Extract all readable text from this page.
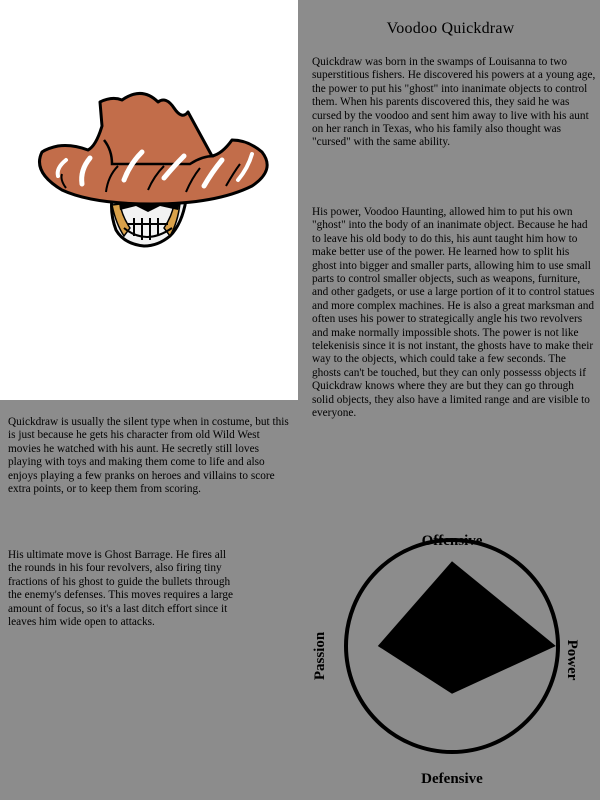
Voodoo Quickdraw

Quickdraw was born in the swamps of Louisanna to two superstitious fishers. He discovered his powers at a young age, the power to put his "ghost" into inanimate objects to control them. When his parents discovered this, they said he was cursed by the voodoo and sent him away to live with his aunt on her ranch in Texas, who his family also thought was "cursed" with the same ability.

His power, Voodoo Haunting, allowed him to put his own "ghost" into the body of an inanimate object. Because he had to leave his old body to do this, his aunt taught him how to make better use of the power. He learned how to split his ghost into bigger and smaller parts, allowing him to use small parts to control smaller objects, such as weapons, furniture, and other gadgets, or use a large portion of it to control statues and more complex machines. He is also a great marksman and often uses his power to strategically angle his two revolvers and make normally impossible shots. The power is not like telekenisis since it is not instant, the ghosts have to make their way to the objects, which could take a few seconds. The ghosts can't be touched, but they can only possesss objects if Quickdraw knows where they are but they can go through solid objects, they also have a limited range and are visible to everyone.

Quickdraw is usually the silent type when in costume, but this is just because he gets his character from old Wild West movies he watched with his aunt. He secretly still loves playing with toys and making them come to life and also enjoys playing a few pranks on heroes and villains to score extra points, or to keep them from scoring.

His ultimate move is Ghost Barrage. He fires all the rounds in his four revolvers, also firing tiny fractions of his ghost to guide the bullets through the enemy's defenses. This moves requires a large amount of focus, so it's a last ditch effort since it leaves him wide open to attacks.

Offensive
Defensive
Passion	Power
